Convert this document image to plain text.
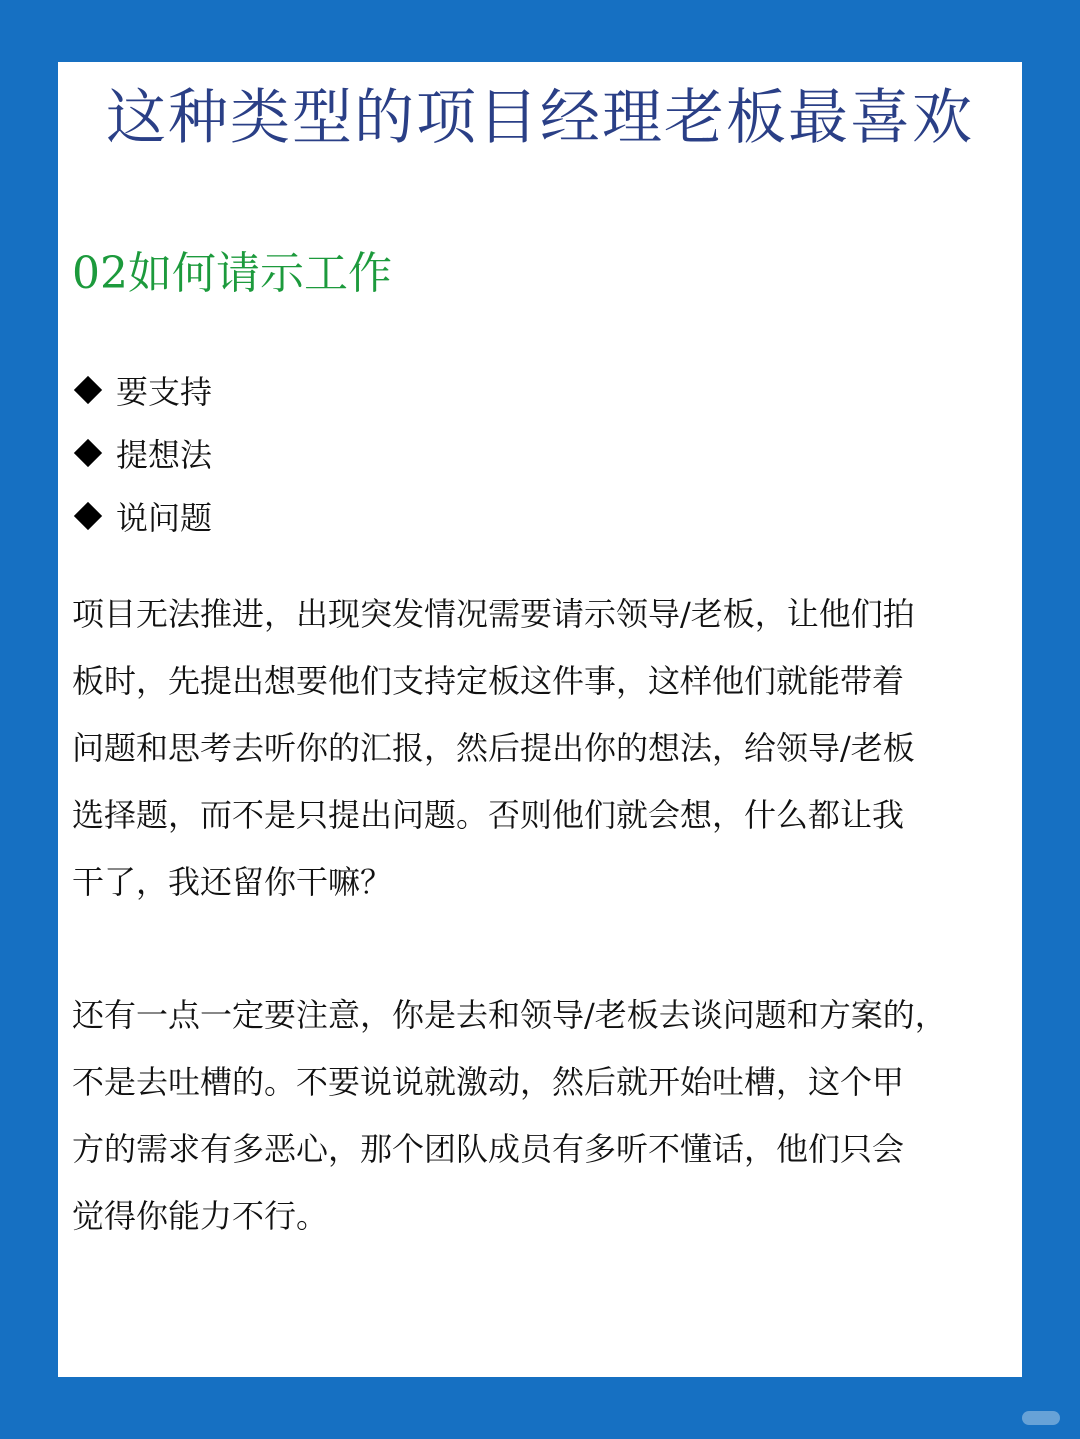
这种类型的项目经理老板最喜欢
02如何请示工作
要支持
提想法
说问题

项目无法推进，出现突发情况需要请示领导/老板，让他们拍
板时，先提出想要他们支持定板这件事，这样他们就能带着
问题和思考去听你的汇报，然后提出你的想法，给领导/老板
选择题，而不是只提出问题。否则他们就会想，什么都让我
干了，我还留你干嘛？

还有一点一定要注意，你是去和领导/老板去谈问题和方案的，
不是去吐槽的。不要说说就激动，然后就开始吐槽，这个甲
方的需求有多恶心，那个团队成员有多听不懂话，他们只会
觉得你能力不行。
